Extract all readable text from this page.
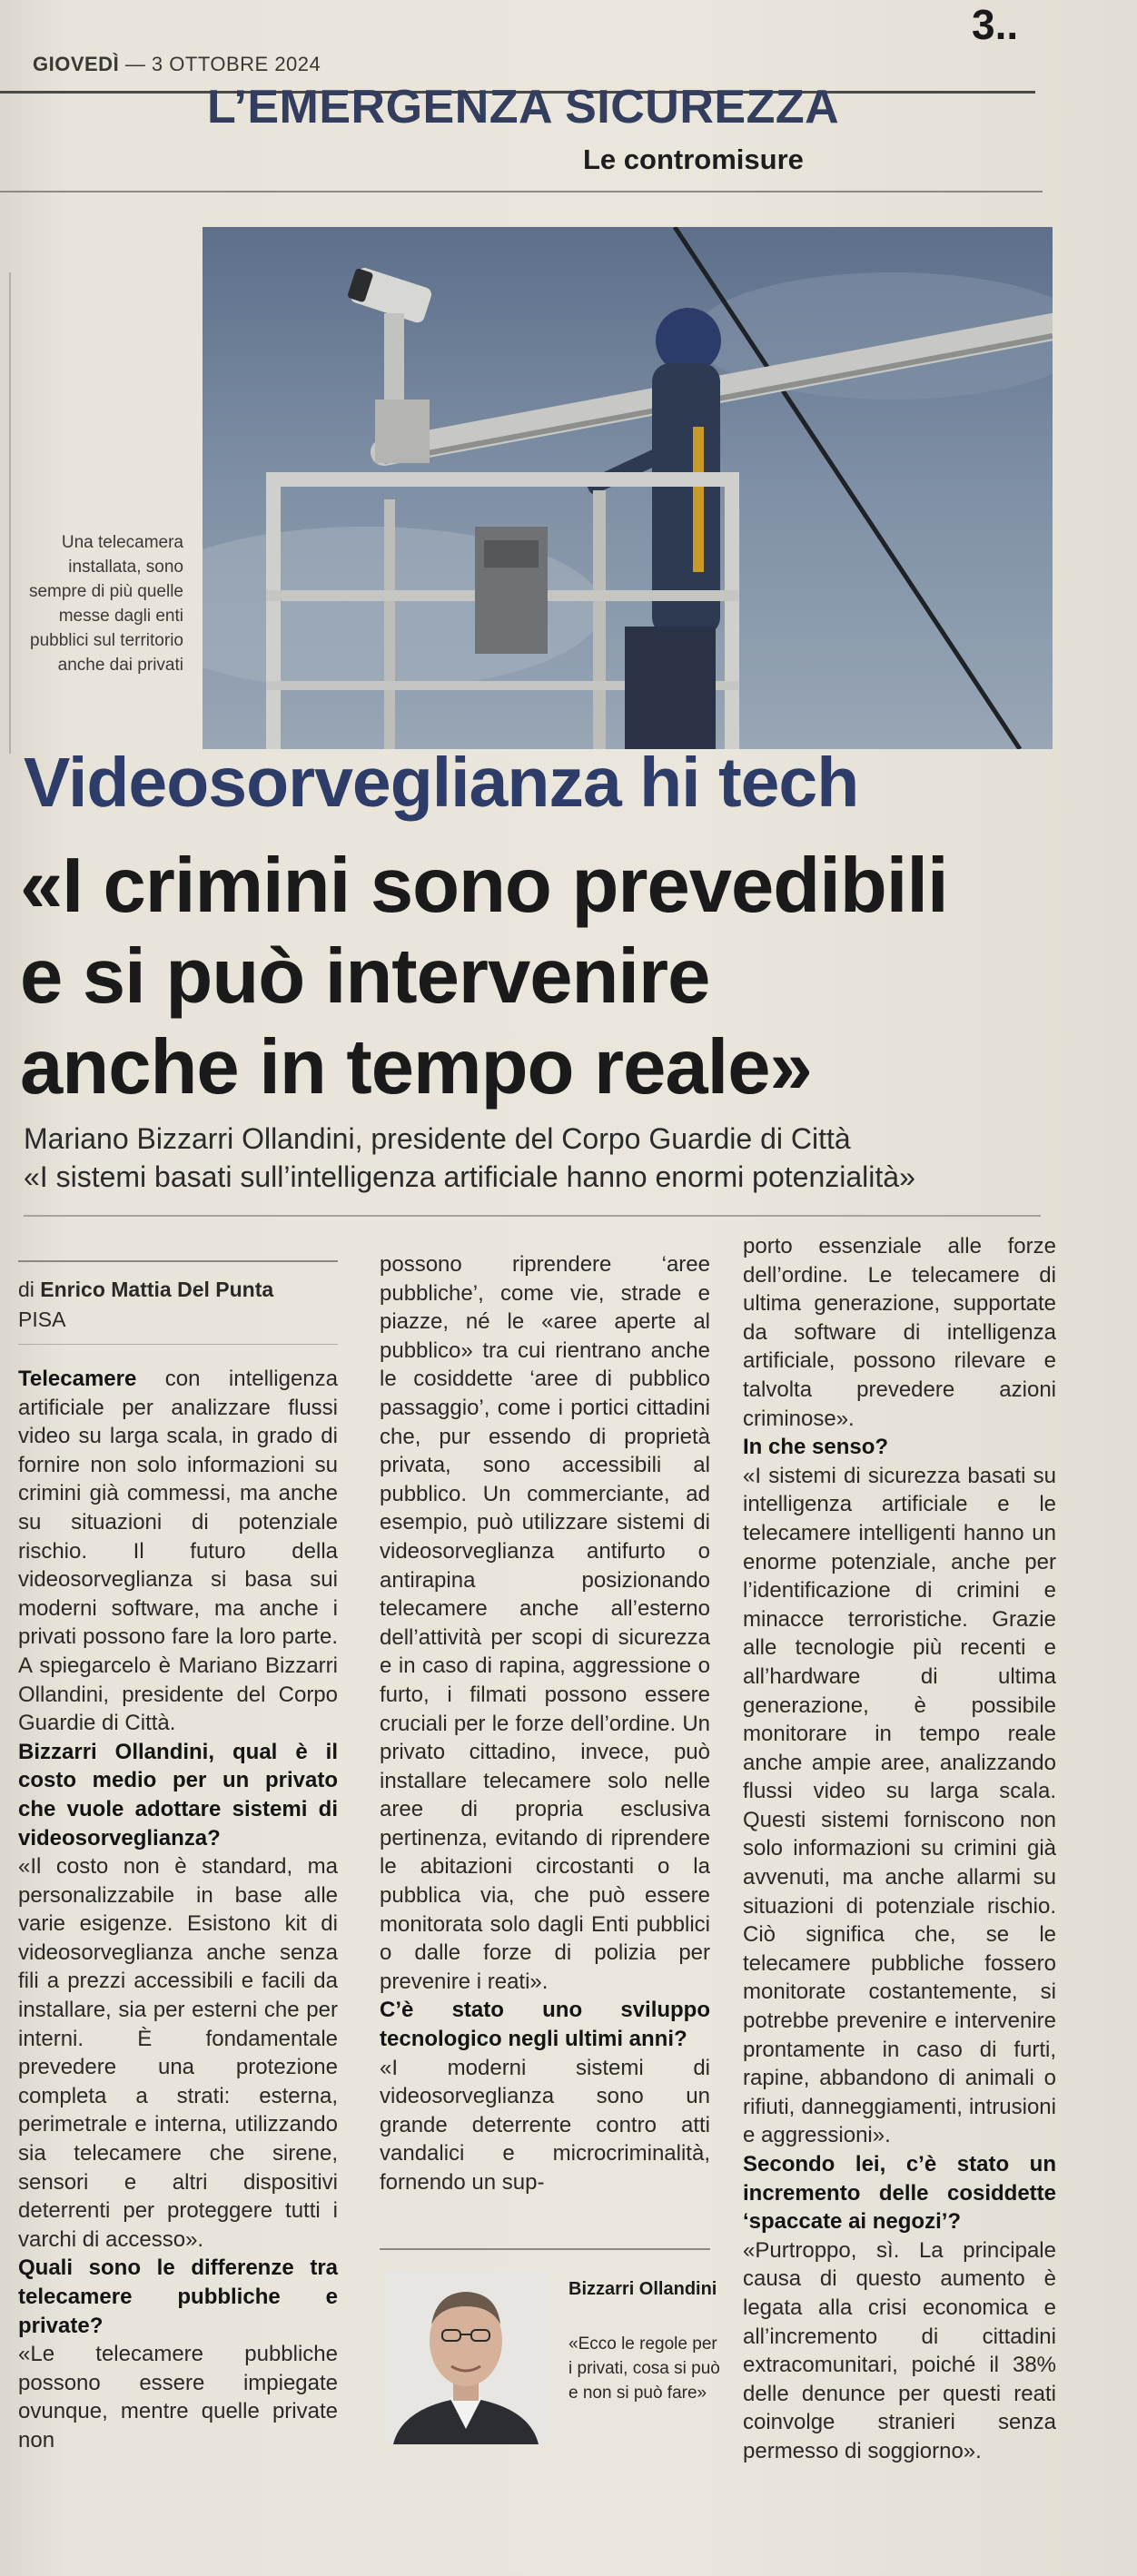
GIOVEDÌ — 3 OTTOBRE 2024
3..
L’EMERGENZA SICUREZZA
Le contromisure
Una telecamera installata, sono sempre di più quelle messe dagli enti pubblici sul territorio anche dai privati
Videosorveglianza hi tech
«I crimini sono prevedibili
e si può intervenire
anche in tempo reale»
Mariano Bizzarri Ollandini, presidente del Corpo Guardie di Città
«I sistemi basati sull’intelligenza artificiale hanno enormi potenzialità»
di Enrico Mattia Del Punta
PISA

Telecamere con intelligenza artificiale per analizzare flussi video su larga scala, in grado di fornire non solo informazioni su crimini già commessi, ma anche su situazioni di potenziale rischio. Il futuro della videosorveglianza si basa sui moderni software, ma anche i privati possono fare la loro parte. A spiegarcelo è Mariano Bizzarri Ollandini, presidente del Corpo Guardie di Città.

Bizzarri Ollandini, qual è il costo medio per un privato che vuole adottare sistemi di videosorveglianza?

«Il costo non è standard, ma personalizzabile in base alle varie esigenze. Esistono kit di videosorveglianza anche senza fili a prezzi accessibili e facili da installare, sia per esterni che per interni. È fondamentale prevedere una protezione completa a strati: esterna, perimetrale e interna, utilizzando sia telecamere che sirene, sensori e altri dispositivi deterrenti per proteggere tutti i varchi di accesso».

Quali sono le differenze tra telecamere pubbliche e private?

«Le telecamere pubbliche possono essere impiegate ovunque, mentre quelle private non

possono riprendere ‘aree pubbliche’, come vie, strade e piazze, né le «aree aperte al pubblico» tra cui rientrano anche le cosiddette ‘aree di pubblico passaggio’, come i portici cittadini che, pur essendo di proprietà privata, sono accessibili al pubblico. Un commerciante, ad esempio, può utilizzare sistemi di videosorveglianza antifurto o antirapina posizionando telecamere anche all’esterno dell’attività per scopi di sicurezza e in caso di rapina, aggressione o furto, i filmati possono essere cruciali per le forze dell’ordine. Un privato cittadino, invece, può installare telecamere solo nelle aree di propria esclusiva pertinenza, evitando di riprendere le abitazioni circostanti o la pubblica via, che può essere monitorata solo dagli Enti pubblici o dalle forze di polizia per prevenire i reati».

C’è stato uno sviluppo tecnologico negli ultimi anni?

«I moderni sistemi di videosorveglianza sono un grande deterrente contro atti vandalici e microcriminalità, fornendo un sup-

porto essenziale alle forze dell’ordine. Le telecamere di ultima generazione, supportate da software di intelligenza artificiale, possono rilevare e talvolta prevedere azioni criminose».

In che senso?

«I sistemi di sicurezza basati su intelligenza artificiale e le telecamere intelligenti hanno un enorme potenziale, anche per l’identificazione di crimini e minacce terroristiche. Grazie alle tecnologie più recenti e all’hardware di ultima generazione, è possibile monitorare in tempo reale anche ampie aree, analizzando flussi video su larga scala. Questi sistemi forniscono non solo informazioni su crimini già avvenuti, ma anche allarmi su situazioni di potenziale rischio. Ciò significa che, se le telecamere pubbliche fossero monitorate costantemente, si potrebbe prevenire e intervenire prontamente in caso di furti, rapine, abbandono di animali o rifiuti, danneggiamenti, intrusioni e aggressioni».

Secondo lei, c’è stato un incremento delle cosiddette ‘spaccate ai negozi’?

«Purtroppo, sì. La principale causa di questo aumento è legata alla crisi economica e all’incremento di cittadini extracomunitari, poiché il 38% delle denunce per questi reati coinvolge stranieri senza permesso di soggiorno».

Bizzarri Ollandini
«Ecco le regole per i privati, cosa si può e non si può fare»
